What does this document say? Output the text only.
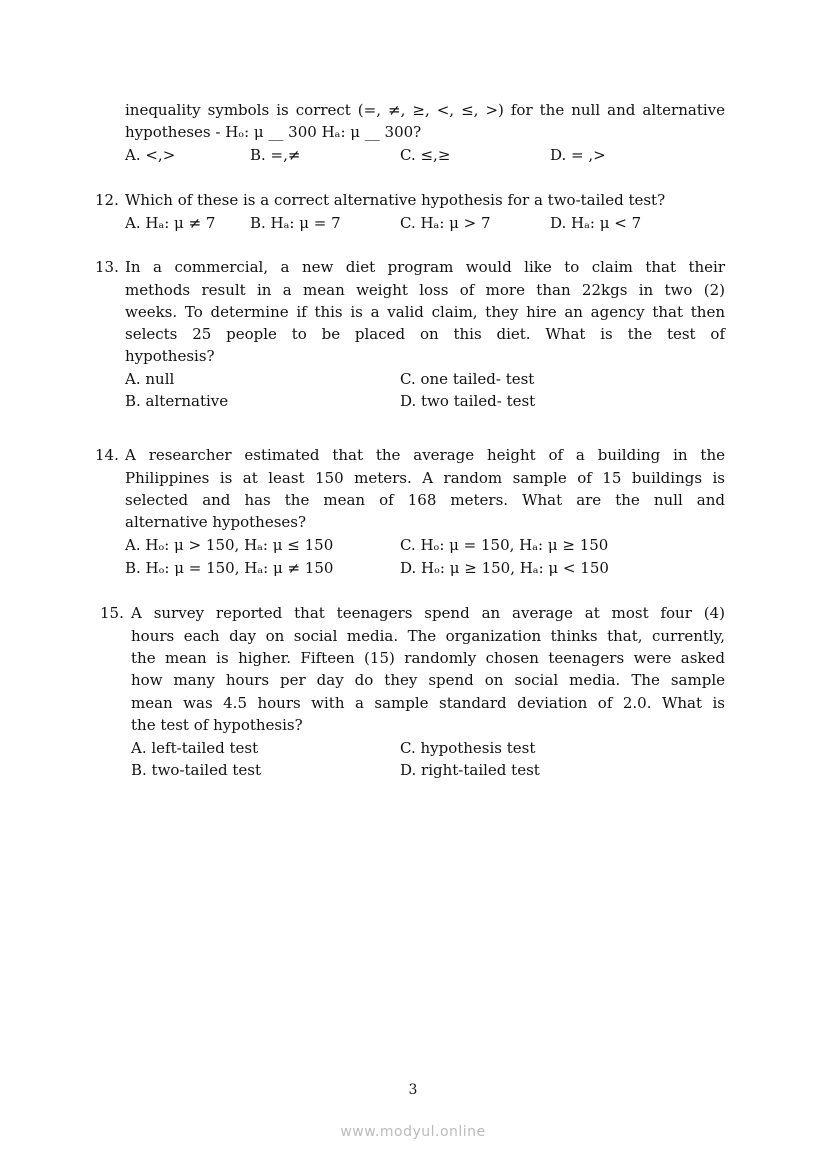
inequality symbols is correct (=, ≠, ≥, <, ≤, >) for the null and alternative
hypotheses - Hₒ: μ __ 300 Hₐ: μ __ 300?
A. <,>	B. =,≠	C. ≤,≥	D. = ,>
12. Which of these is a correct alternative hypothesis for a two-tailed test?
A. Hₐ: μ ≠ 7 B. Hₐ: μ = 7	C. Hₐ: μ > 7	D. Hₐ: μ < 7
13. In a commercial, a new diet program would like to claim that their
methods result in a mean weight loss of more than 22kgs in two (2)
weeks. To determine if this is a valid claim, they hire an agency that then
selects 25 people to be placed on this diet. What is the test of
hypothesis?
A. null
B. alternative
C. one tailed- test
D. two tailed- test
14. A researcher estimated that the average height of a building in the
Philippines is at least 150 meters. A random sample of 15 buildings is
selected and has the mean of 168 meters. What are the null and
alternative hypotheses?
A. Hₒ: μ > 150, Hₐ: μ ≤ 150
B. Hₒ: μ = 150, Hₐ: μ ≠ 150
C. Hₒ: μ = 150, Hₐ: μ ≥ 150
D. Hₒ: μ ≥ 150, Hₐ: μ < 150
15. A survey reported that teenagers spend an average at most four (4)
hours each day on social media. The organization thinks that, currently,
the mean is higher. Fifteen (15) randomly chosen teenagers were asked
how many hours per day do they spend on social media. The sample
mean was 4.5 hours with a sample standard deviation of 2.0. What is
the test of hypothesis?
A. left-tailed test
B. two-tailed test
C. hypothesis test
D. right-tailed test
3
www.modyul.online
